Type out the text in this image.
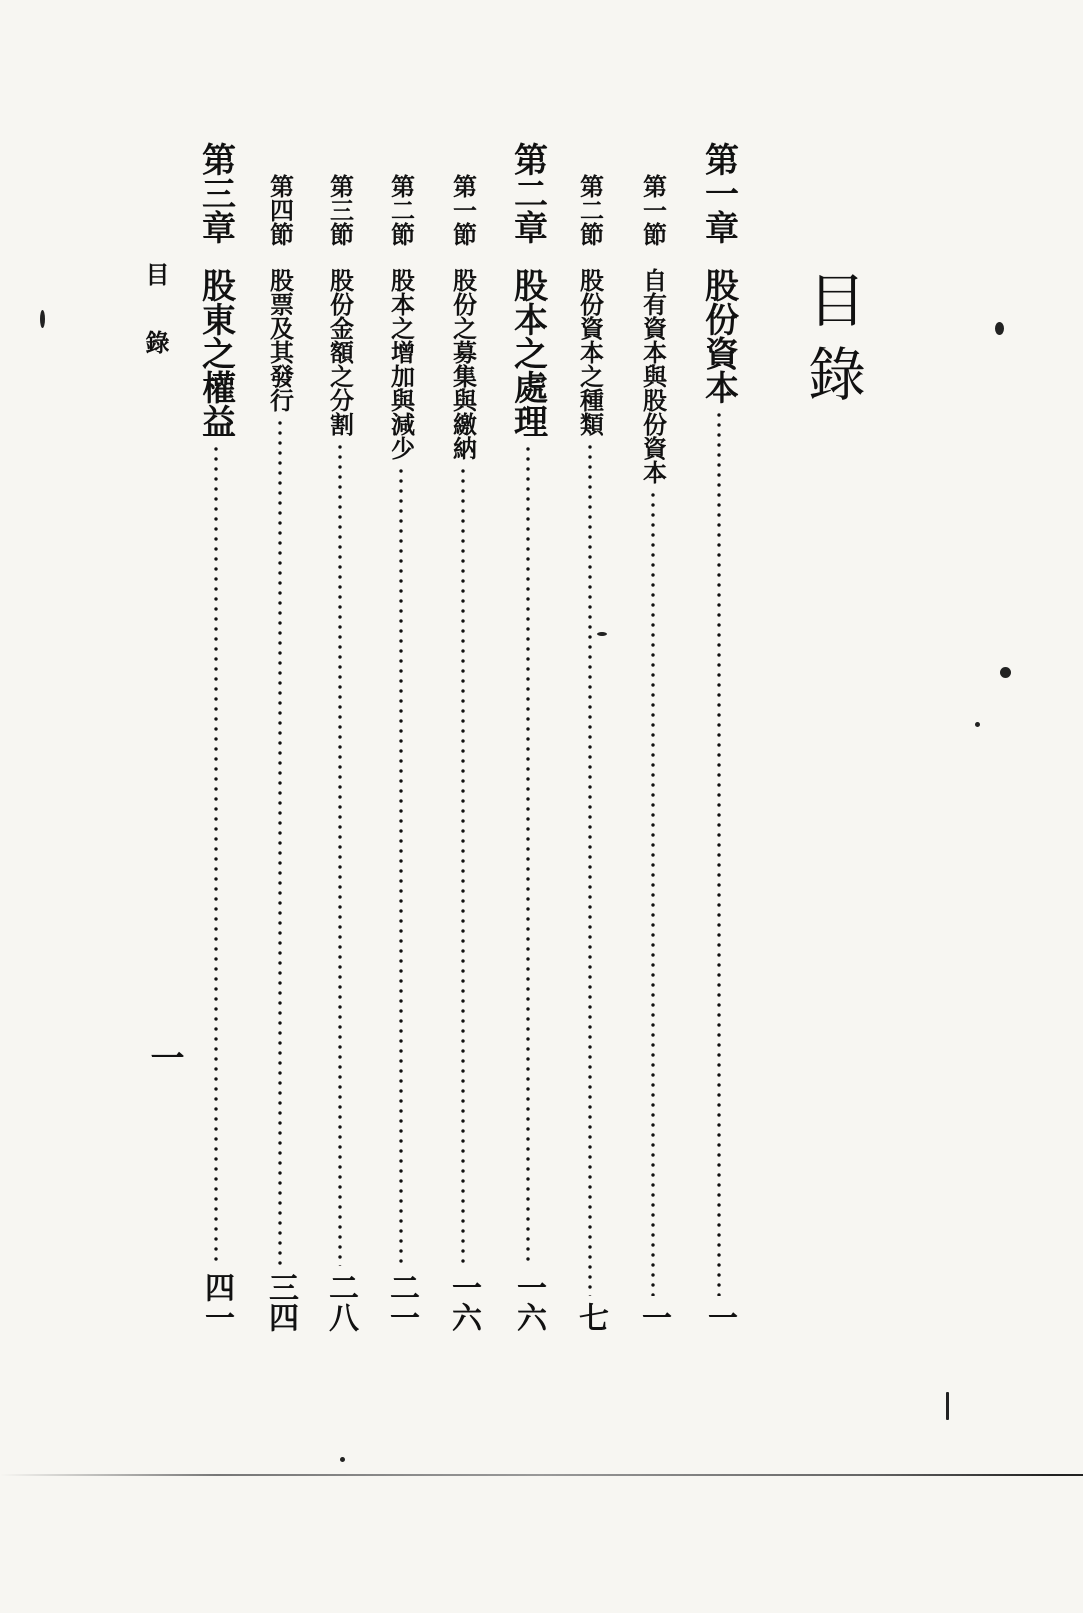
目錄
第一章
股份資本
一
第一節
自有資本與股份資本
一
第二節
股份資本之種類
七
第二章
股本之處理
一六
第一節
股份之募集與繳納
一六
第二節
股本之增加與減少
二一
第三節
股份金額之分割
二八
第四節
股票及其發行
三四
第三章
股東之權益
四一
目錄
一
